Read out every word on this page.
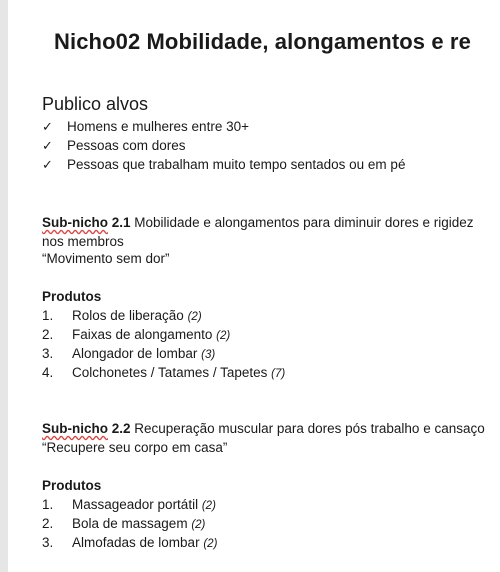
Nicho02 Mobilidade, alongamentos e re
Publico alvos
✓ Homens e mulheres entre 30+
✓ Pessoas com dores
✓ Pessoas que trabalham muito tempo sentados ou em pé
Sub-nicho 2.1 Mobilidade e alongamentos para diminuir dores e rigidez nos membros
“Movimento sem dor”
Produtos
1. Rolos de liberação (2)
2. Faixas de alongamento (2)
3. Alongador de lombar (3)
4. Colchonetes / Tatames / Tapetes (7)
Sub-nicho 2.2 Recuperação muscular para dores pós trabalho e cansaço
“Recupere seu corpo em casa”
Produtos
1. Massageador portátil (2)
2. Bola de massagem (2)
3. Almofadas de lombar (2)
